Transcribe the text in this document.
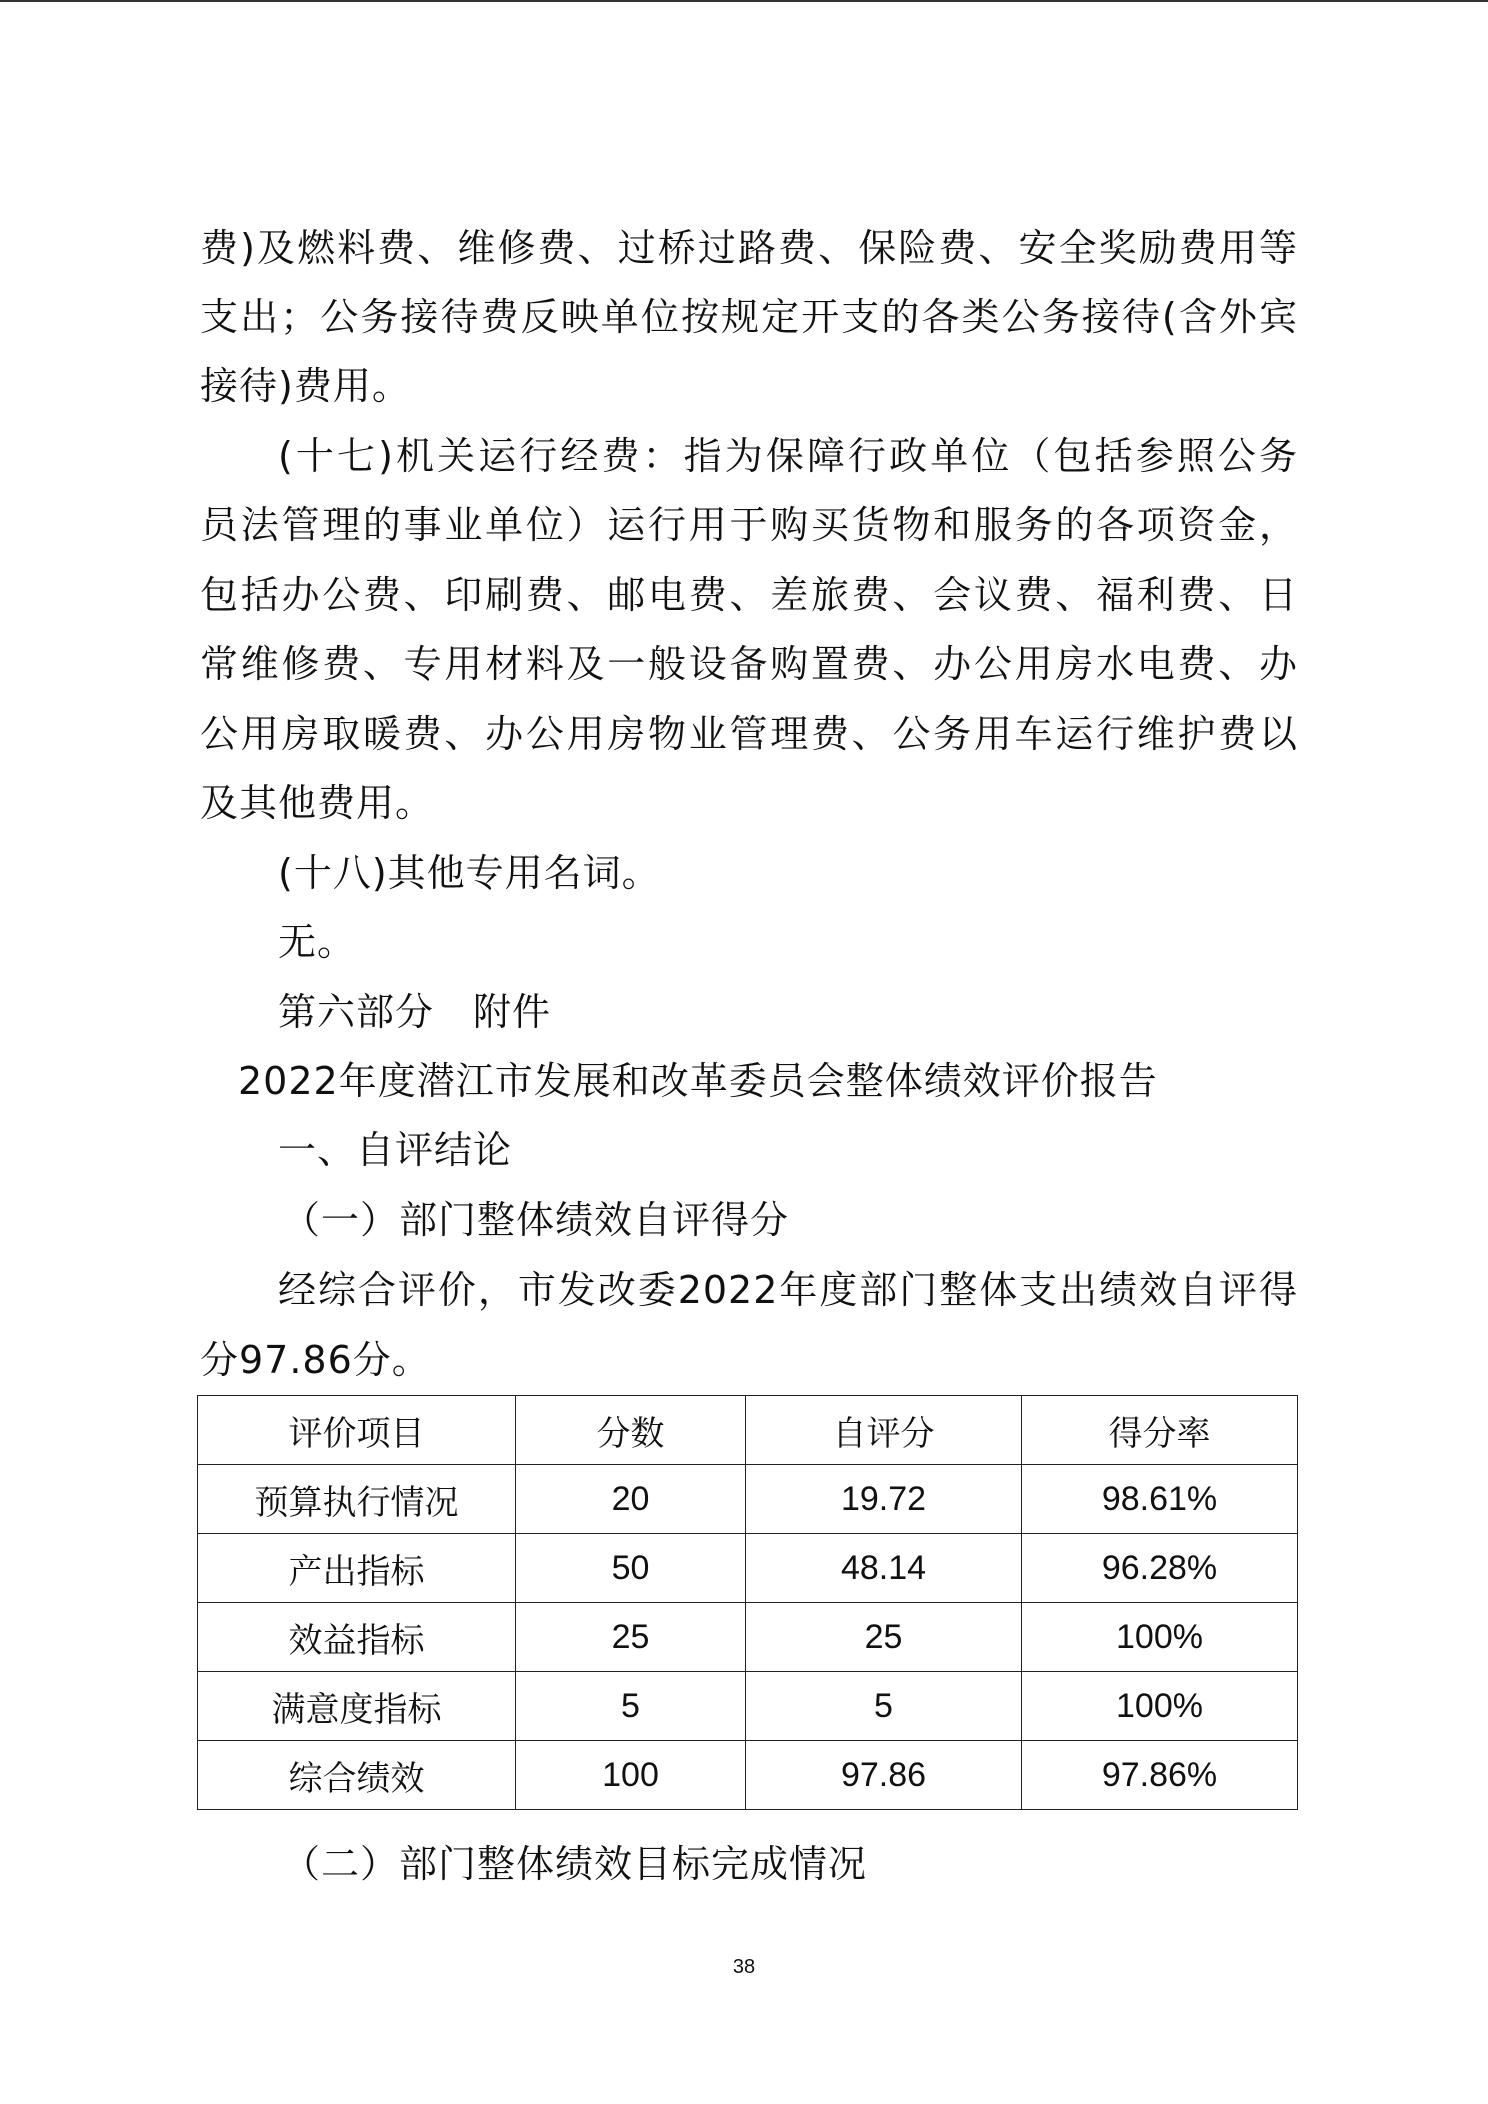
费)及燃料费、维修费、过桥过路费、保险费、安全奖励费用等

支出；公务接待费反映单位按规定开支的各类公务接待(含外宾

接待)费用。

(十七)机关运行经费：指为保障行政单位（包括参照公务

员法管理的事业单位）运行用于购买货物和服务的各项资金，

包括办公费、印刷费、邮电费、差旅费、会议费、福利费、日

常维修费、专用材料及一般设备购置费、办公用房水电费、办

公用房取暖费、办公用房物业管理费、公务用车运行维护费以

及其他费用。

(十八)其他专用名词。

无。

第六部分　附件

2022年度潜江市发展和改革委员会整体绩效评价报告

一、自评结论

（一）部门整体绩效自评得分

经综合评价，市发改委2022年度部门整体支出绩效自评得

分97.86分。

评价项目	分数	自评分	得分率
预算执行情况	20	19.72	98.61%
产出指标	50	48.14	96.28%
效益指标	25	25	100%
满意度指标	5	5	100%
综合绩效	100	97.86	97.86%

（二）部门整体绩效目标完成情况

38
